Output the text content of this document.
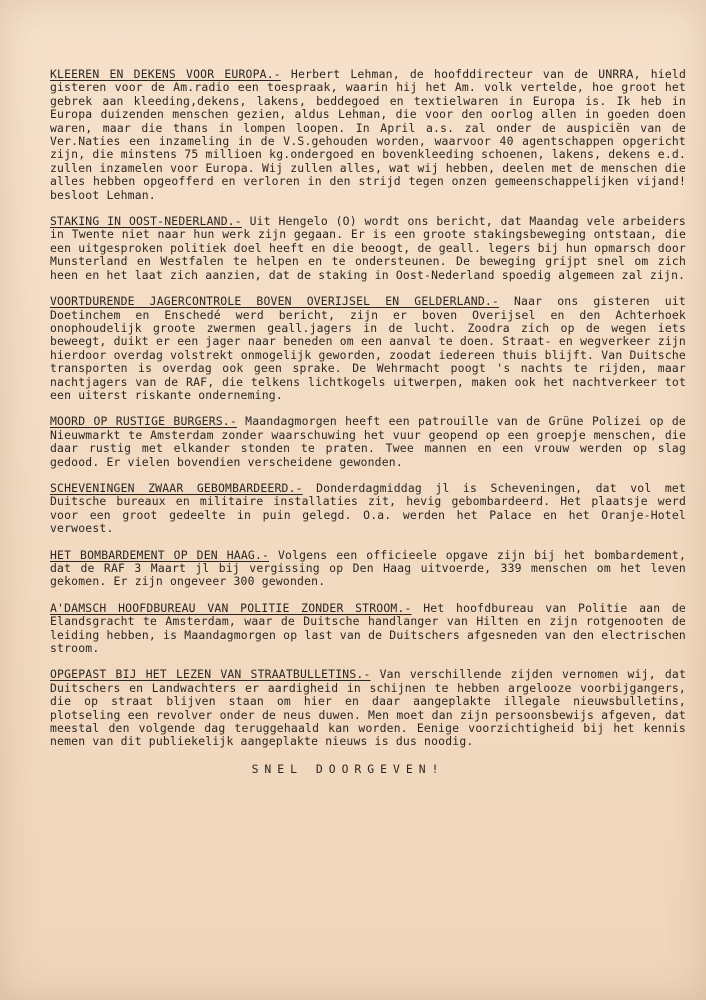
KLEEREN EN DEKENS VOOR EUROPA.- Herbert Lehman, de hoofddirecteur van de UNRRA, hield gisteren voor de Am.radio een toespraak, waarin hij het Am. volk vertelde, hoe groot het gebrek aan kleeding,dekens, lakens, beddegoed en textielwaren in Europa is. Ik heb in Europa duizenden menschen gezien, aldus Lehman, die voor den oorlog allen in goeden doen waren, maar die thans in lompen loopen. In April a.s. zal onder de auspiciën van de Ver.Naties een inzameling in de V.S.gehouden worden, waarvoor 40 agentschappen opgericht zijn, die minstens 75 millioen kg.ondergoed en bovenkleeding schoenen, lakens, dekens e.d. zullen inzamelen voor Europa. Wij zullen alles, wat wij hebben, deelen met de menschen die alles hebben opgeofferd en verloren in den strijd tegen onzen gemeenschappelijken vijand! besloot Lehman.

STAKING IN OOST-NEDERLAND.- Uit Hengelo (O) wordt ons bericht, dat Maandag vele arbeiders in Twente niet naar hun werk zijn gegaan. Er is een groote stakingsbeweging ontstaan, die een uitgesproken politiek doel heeft en die beoogt, de geall. legers bij hun opmarsch door Munsterland en Westfalen te helpen en te ondersteunen. De beweging grijpt snel om zich heen en het laat zich aanzien, dat de staking in Oost-Nederland spoedig algemeen zal zijn.

VOORTDURENDE JAGERCONTROLE BOVEN OVERIJSEL EN GELDERLAND.- Naar ons gisteren uit Doetinchem en Enschedé werd bericht, zijn er boven Overijsel en den Achterhoek onophoudelijk groote zwermen geall.jagers in de lucht. Zoodra zich op de wegen iets beweegt, duikt er een jager naar beneden om een aanval te doen. Straat- en wegverkeer zijn hierdoor overdag volstrekt onmogelijk geworden, zoodat iedereen thuis blijft. Van Duitsche transporten is overdag ook geen sprake. De Wehrmacht poogt 's nachts te rijden, maar nachtjagers van de RAF, die telkens lichtkogels uitwerpen, maken ook het nachtverkeer tot een uiterst riskante onderneming.

MOORD OP RUSTIGE BURGERS.- Maandagmorgen heeft een patrouille van de Grüne Polizei op de Nieuwmarkt te Amsterdam zonder waarschuwing het vuur geopend op een groepje menschen, die daar rustig met elkander stonden te praten. Twee mannen en een vrouw werden op slag gedood. Er vielen bovendien verscheidene gewonden.

SCHEVENINGEN ZWAAR GEBOMBARDEERD.- Donderdagmiddag jl is Scheveningen, dat vol met Duitsche bureaux en militaire installaties zit, hevig gebombardeerd. Het plaatsje werd voor een groot gedeelte in puin gelegd. O.a. werden het Palace en het Oranje-Hotel verwoest.

HET BOMBARDEMENT OP DEN HAAG.- Volgens een officieele opgave zijn bij het bombardement, dat de RAF 3 Maart jl bij vergissing op Den Haag uitvoerde, 339 menschen om het leven gekomen. Er zijn ongeveer 300 gewonden.

A'DAMSCH HOOFDBUREAU VAN POLITIE ZONDER STROOM.- Het hoofdbureau van Politie aan de Elandsgracht te Amsterdam, waar de Duitsche handlanger van Hilten en zijn rotgenooten de leiding hebben, is Maandagmorgen op last van de Duitschers afgesneden van den electrischen stroom.

OPGEPAST BIJ HET LEZEN VAN STRAATBULLETINS.- Van verschillende zijden vernomen wij, dat Duitschers en Landwachters er aardigheid in schijnen te hebben argelooze voorbijgangers, die op straat blijven staan om hier en daar aangeplakte illegale nieuwsbulletins, plotseling een revolver onder de neus duwen. Men moet dan zijn persoonsbewijs afgeven, dat meestal den volgende dag teruggehaald kan worden. Eenige voorzichtigheid bij het kennis nemen van dit publiekelijk aangeplakte nieuws is dus noodig.

SNEL DOORGEVEN!
